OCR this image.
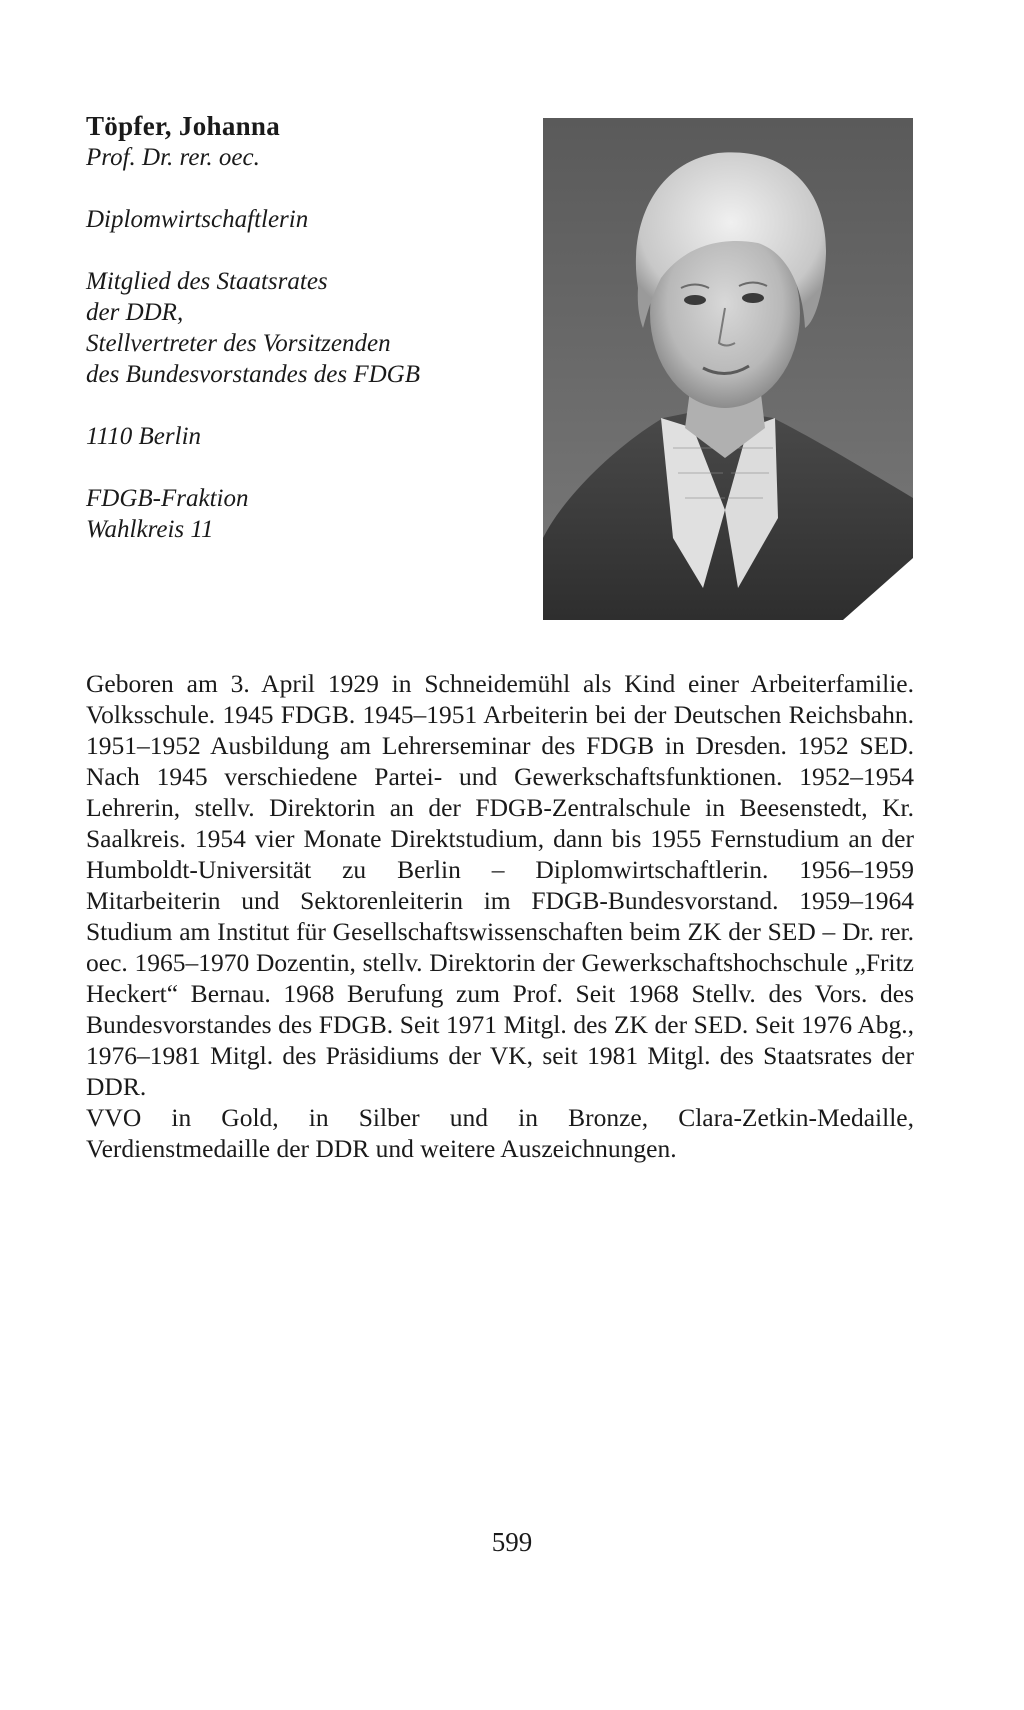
Töpfer, Johanna

Prof. Dr. rer. oec.

Diplomwirtschaftlerin

Mitglied des Staatsrates
der DDR,
Stellvertreter des Vorsitzenden
des Bundesvorstandes des FDGB

1110 Berlin

FDGB-Fraktion
Wahlkreis 11

Geboren am 3. April 1929 in Schneidemühl als Kind einer Arbeiterfamilie. Volksschule. 1945 FDGB. 1945–1951 Arbeiterin bei der Deutschen Reichsbahn. 1951–1952 Ausbildung am Lehrerseminar des FDGB in Dresden. 1952 SED. Nach 1945 verschiedene Partei- und Gewerkschaftsfunktionen. 1952–1954 Lehrerin, stellv. Direktorin an der FDGB-Zentralschule in Beesenstedt, Kr. Saalkreis. 1954 vier Monate Direktstudium, dann bis 1955 Fernstudium an der Humboldt-Universität zu Berlin – Diplomwirtschaftlerin. 1956–1959 Mitarbeiterin und Sektorenleiterin im FDGB-Bundesvorstand. 1959–1964 Studium am Institut für Gesellschaftswissenschaften beim ZK der SED – Dr. rer. oec. 1965–1970 Dozentin, stellv. Direktorin der Gewerkschaftshochschule „Fritz Heckert“ Bernau. 1968 Berufung zum Prof. Seit 1968 Stellv. des Vors. des Bundesvorstandes des FDGB. Seit 1971 Mitgl. des ZK der SED. Seit 1976 Abg., 1976–1981 Mitgl. des Präsidiums der VK, seit 1981 Mitgl. des Staatsrates der DDR.

VVO in Gold, in Silber und in Bronze, Clara-Zetkin-Medaille, Verdienstmedaille der DDR und weitere Auszeichnungen.

599
